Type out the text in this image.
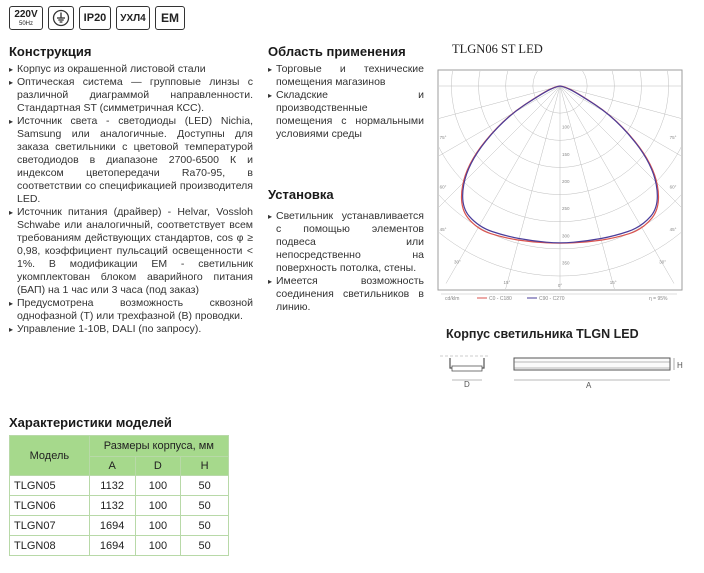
220V
50Hz	IP20	УХЛ4	EM
Конструкция
▸ Корпус из окрашенной листовой стали
▸ Оптическая система — групповые линзы с различной диаграммой направленности. Стандартная ST (симметричная КСС).
▸ Источник света - светодиоды (LED) Nichia, Samsung или аналогичные. Доступны для заказа светильники с цветовой температурой светодиодов в диапазоне 2700-6500 К и индексом цветопередачи Ra70-95, в соответствии со спецификацией производителя LED.
▸ Источник питания (драйвер) - Helvar, Vossloh Schwabe или аналогичный, соответствует всем требованиям действующих стандартов, cos φ ≥ 0,98, коэффициент пульсаций освещенности < 1%. В модификации EM - светильник укомплектован блоком аварийного питания (БАП) на 1 час или 3 часа (под заказ)
▸ Предусмотрена возможность сквозной однофазной (Т) или трехфазной (В) проводки.
▸ Управление 1-10В, DALI (по запросу).
Область применения
▸ Торговые и технические помещения магазинов
▸ Складские и производственные помещения с нормальными условиями среды
Установка
▸ Светильник устанавливается с помощью элементов подвеса или непосредственно на поверхность потолка, стены.
▸ Имеется возможность соединения светильников в линию.
TLGN06 ST LED
100
150
200
250
300
350
75°
60°
45°
30°
15°
0°
15°
30°
45°
60°
75°
cd/klm	C0 - C180	C90 - C270	η = 95%
Корпус светильника TLGN LED
D	A
H
Характеристики моделей
Модель	Размеры корпуса, мм		
	A	D	H
TLGN05	1132	100	50
TLGN06	1132	100	50
TLGN07	1694	100	50
TLGN08	1694	100	50
